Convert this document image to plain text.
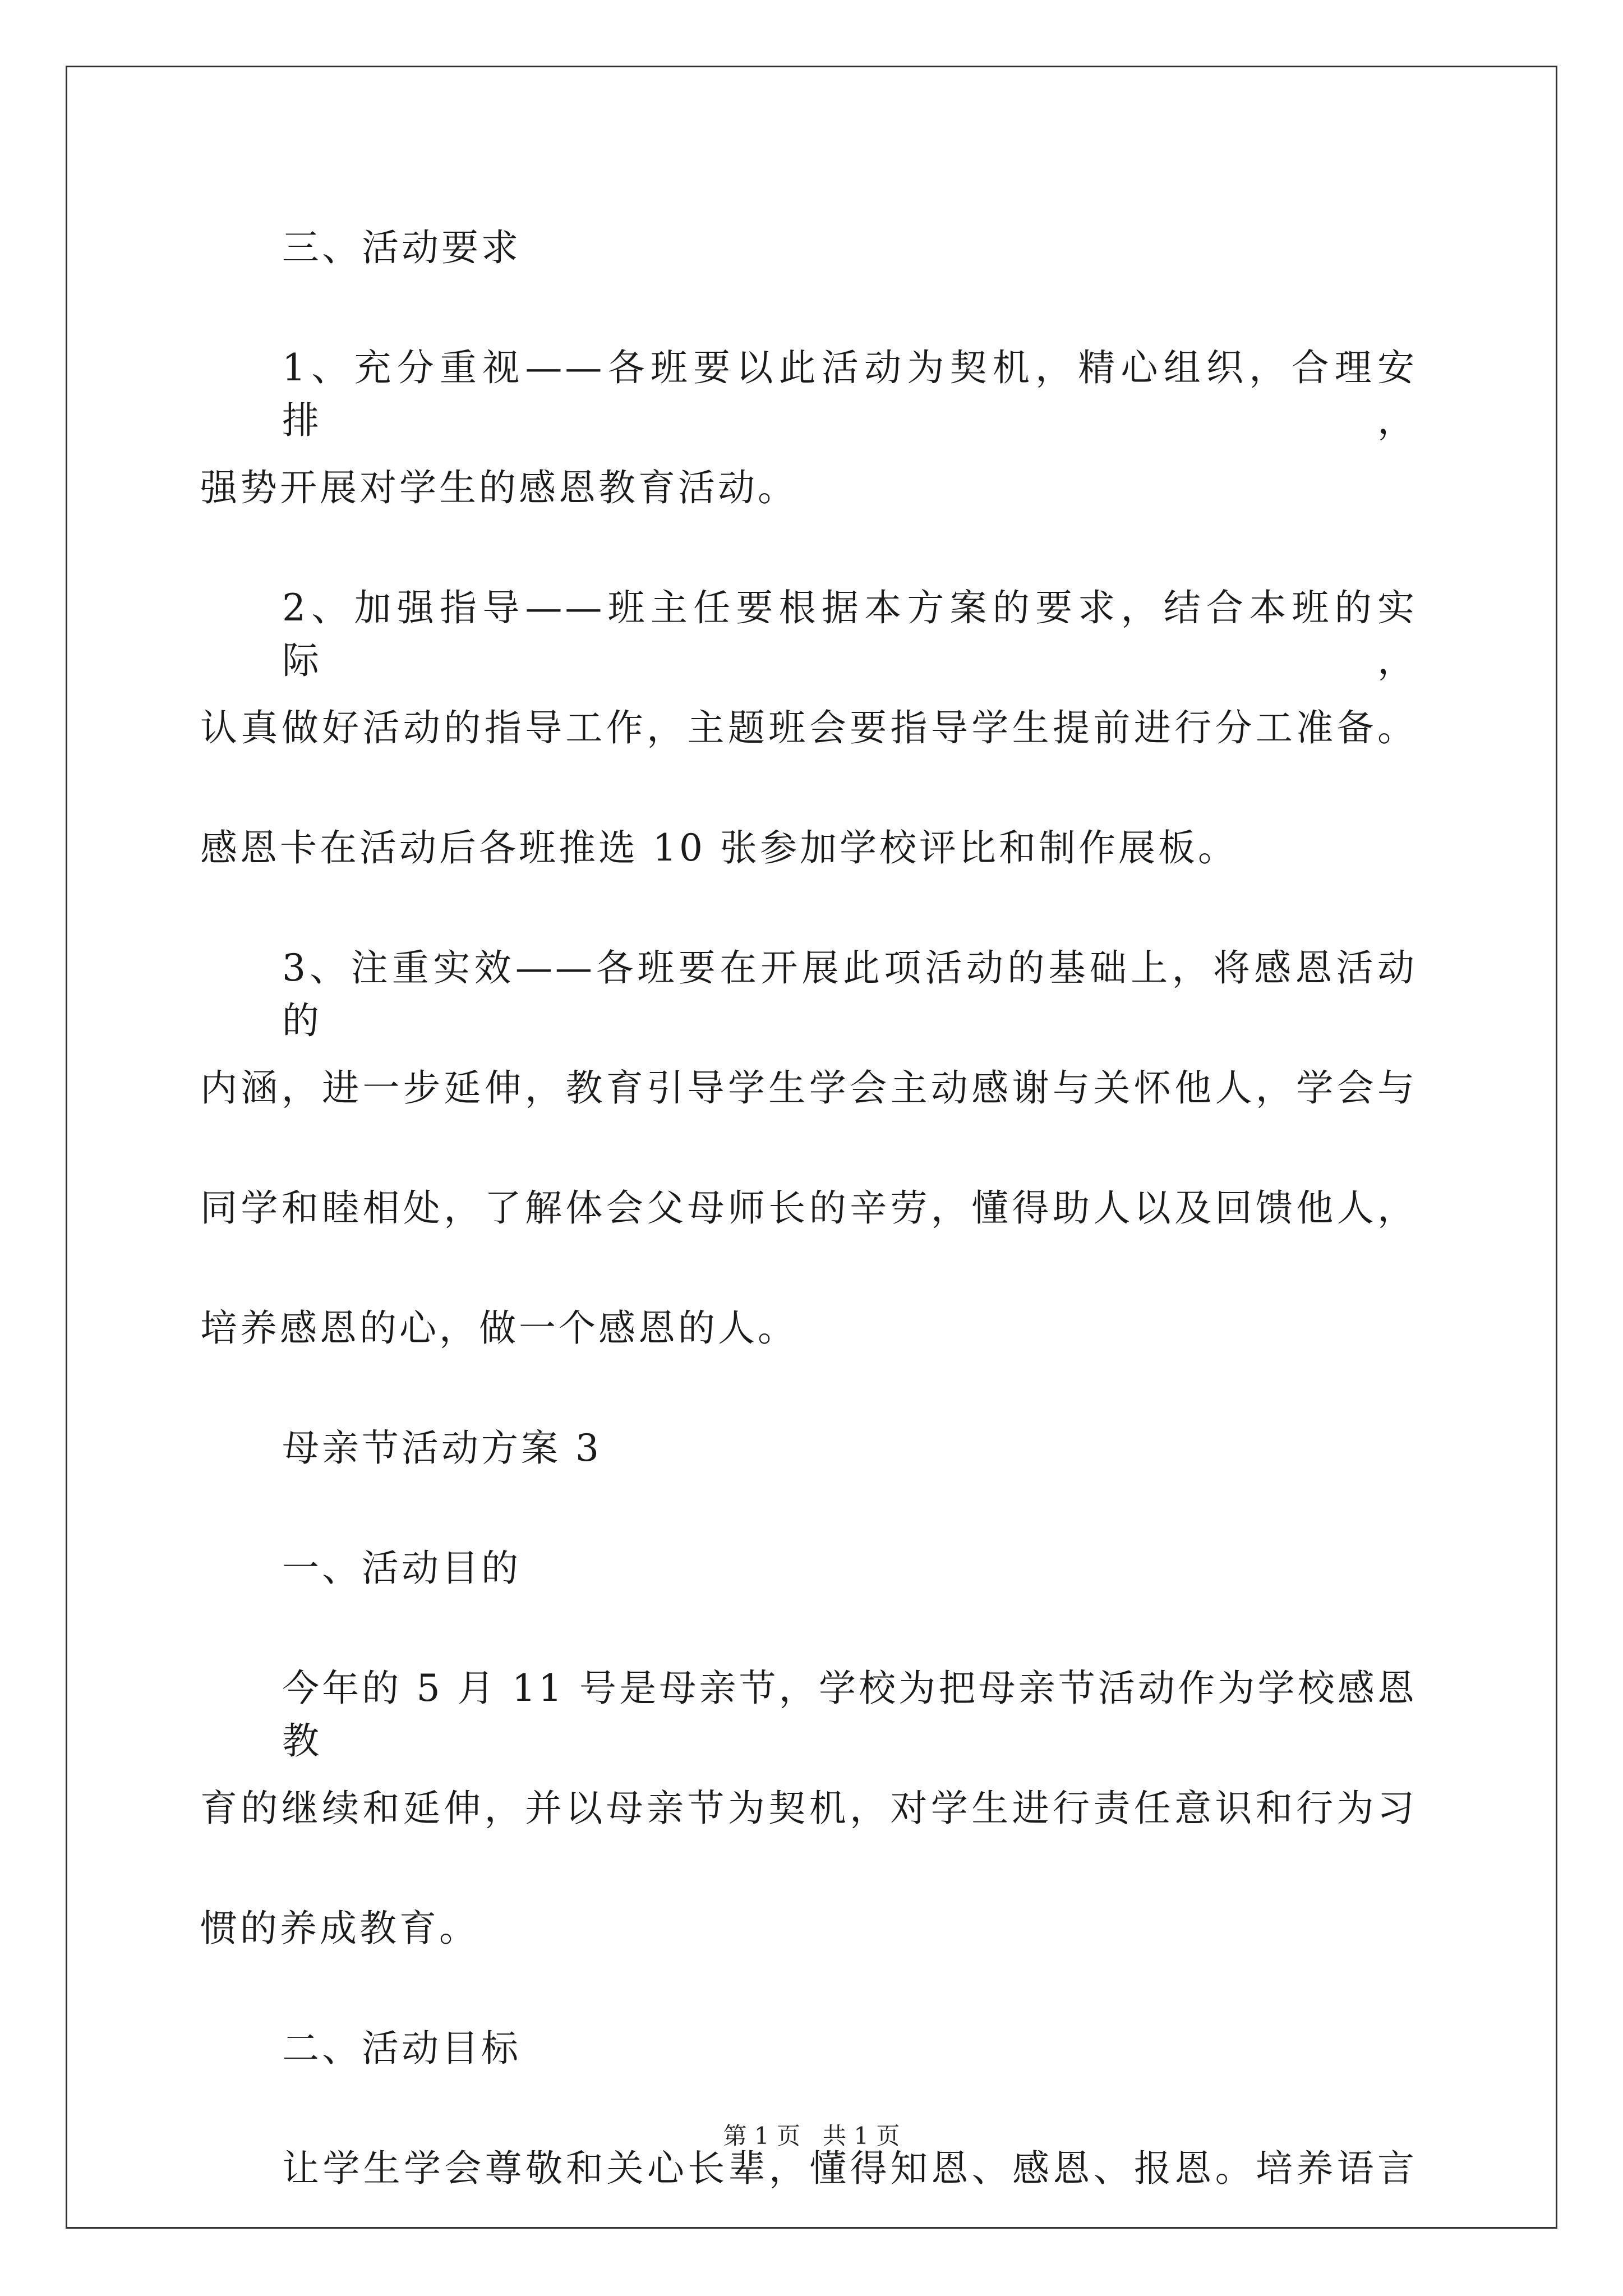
三、活动要求
1、充分重视——各班要以此活动为契机，精心组织，合理安排，
强势开展对学生的感恩教育活动。
2、加强指导——班主任要根据本方案的要求，结合本班的实际，
认真做好活动的指导工作，主题班会要指导学生提前进行分工准备。
感恩卡在活动后各班推选 10 张参加学校评比和制作展板。
3、注重实效——各班要在开展此项活动的基础上，将感恩活动的
内涵，进一步延伸，教育引导学生学会主动感谢与关怀他人，学会与
同学和睦相处，了解体会父母师长的辛劳，懂得助人以及回馈他人，
培养感恩的心，做一个感恩的人。
母亲节活动方案 3
一、活动目的
今年的 5 月 11 号是母亲节，学校为把母亲节活动作为学校感恩教
育的继续和延伸，并以母亲节为契机，对学生进行责任意识和行为习
惯的养成教育。
二、活动目标
让学生学会尊敬和关心长辈，懂得知恩、感恩、报恩。培养语言
第 1 页 共 1 页
